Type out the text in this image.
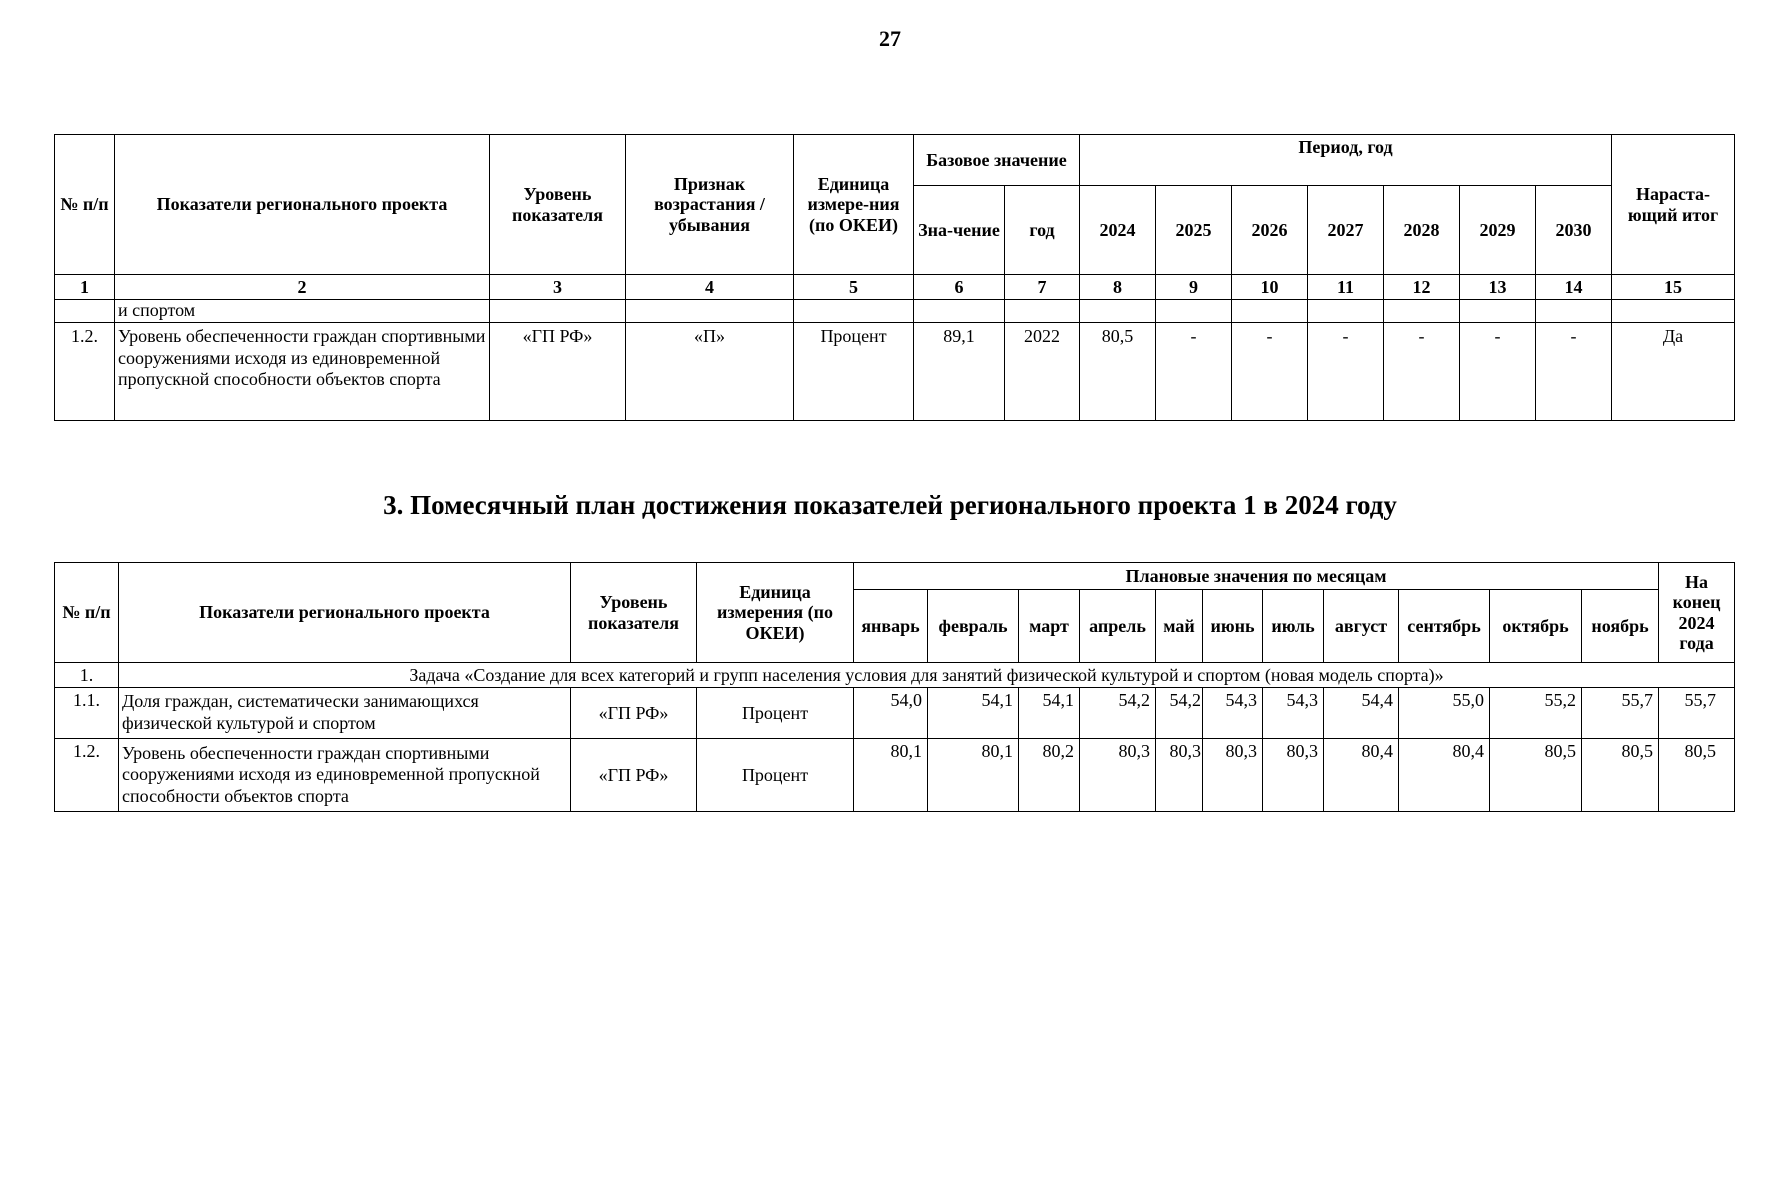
27
№ п/п	Показатели регионального проекта	Уровень показателя	Признак возрастания / убывания	Единица измере-ния (по ОКЕИ)	Базовое значение		Период, год							Нараста-ющий итог
					Зна-чение	год	2024	2025	2026	2027	2028	2029	2030	
1	2	3	4	5	6	7	8	9	10	11	12	13	14	15
	и спортом													
1.2.	Уровень обеспеченности граждан спортивными сооружениями исходя из единовременной пропускной способности объектов спорта	«ГП РФ»	«П»	Процент	89,1	2022	80,5	-	-	-	-	-	-	Да
3. Помесячный план достижения показателей регионального проекта 1 в 2024 году
№ п/п	Показатели регионального проекта	Уровень показателя	Единица измерения (по ОКЕИ)	Плановые значения по месяцам											На конец 2024 года
				январь	февраль	март	апрель	май	июнь	июль	август	сентябрь	октябрь	ноябрь	
1.	Задача «Создание для всех категорий и групп населения условия для занятий физической культурой и спортом (новая модель спорта)»														
1.1.	Доля граждан, систематически занимающихся физической культурой и спортом	«ГП РФ»	Процент	54,0	54,1	54,1	54,2	54,2	54,3	54,3	54,4	55,0	55,2	55,7	55,7
1.2.	Уровень обеспеченности граждан спортивными сооружениями исходя из единовременной пропускной способности объектов спорта	«ГП РФ»	Процент	80,1	80,1	80,2	80,3	80,3	80,3	80,3	80,4	80,4	80,5	80,5	80,5
